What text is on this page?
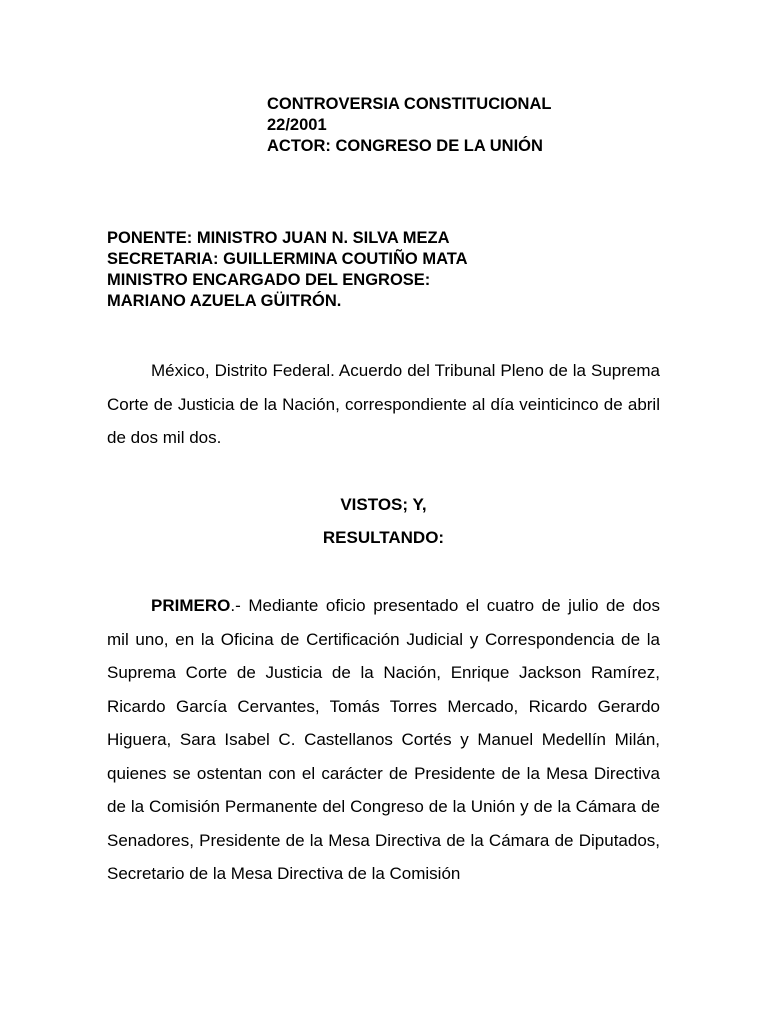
CONTROVERSIA CONSTITUCIONAL
22/2001
ACTOR: CONGRESO DE LA UNIÓN
PONENTE: MINISTRO JUAN N. SILVA MEZA
SECRETARIA: GUILLERMINA COUTIÑO MATA
MINISTRO ENCARGADO DEL ENGROSE:
MARIANO AZUELA GÜITRÓN.

México, Distrito Federal. Acuerdo del Tribunal Pleno de la Suprema Corte de Justicia de la Nación, correspondiente al día veinticinco de abril de dos mil dos.

VISTOS; Y,
RESULTANDO:

PRIMERO.- Mediante oficio presentado el cuatro de julio de dos mil uno, en la Oficina de Certificación Judicial y Correspondencia de la Suprema Corte de Justicia de la Nación, Enrique Jackson Ramírez, Ricardo García Cervantes, Tomás Torres Mercado, Ricardo Gerardo Higuera, Sara Isabel C. Castellanos Cortés y Manuel Medellín Milán, quienes se ostentan con el carácter de Presidente de la Mesa Directiva de la Comisión Permanente del Congreso de la Unión y de la Cámara de Senadores, Presidente de la Mesa Directiva de la Cámara de Diputados, Secretario de la Mesa Directiva de la Comisión
